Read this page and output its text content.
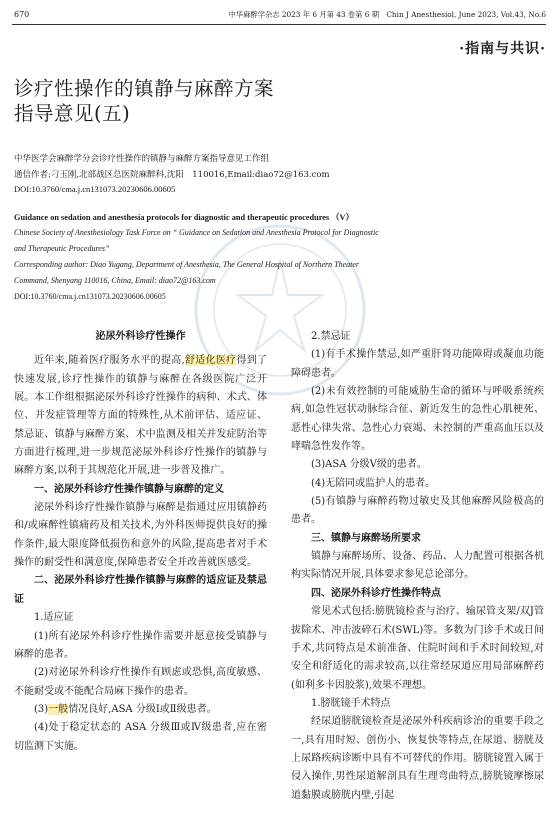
670	中华麻醉学杂志 2023 年 6 月第 43 卷第 6 期　Chin J Anesthesiol, June 2023, Vol.43, No.6
·指南与共识·
诊疗性操作的镇静与麻醉方案
指导意见(五)
中华医学会麻醉学分会诊疗性操作的镇静与麻醉方案指导意见工作组
通信作者:刁玉刚,北部战区总医院麻醉科,沈阳　110016,Email:diao72@163.com
DOI:10.3760/cma.j.cn131073.20230606.00605
Guidance on sedation and anesthesia protocols for diagnostic and therapeutic procedures （V）
Chinese Society of Anesthesiology Task Force on “ Guidance on Sedation and Anesthesia Protocol for Diagnostic
and Therapeutic Procedures”
Corresponding author: Diao Yugang, Department of Anesthesia, The General Hospital of Northern Theater
Command, Shenyang 110016, China, Email: diao72@163.com
DOI:10.3760/cma.j.cn131073.20230606.00605

泌尿外科诊疗性操作

近年来,随着医疗服务水平的提高,舒适化医疗得到了快速发展,诊疗性操作的镇静与麻醉在各级医院广泛开展。本工作组根据泌尿外科诊疗性操作的病种、术式、体位、并发症管理等方面的特殊性,从术前评估、适应证、禁忌证、镇静与麻醉方案、术中监测及相关并发症防治等方面进行梳理,进一步规范泌尿外科诊疗性操作的镇静与麻醉方案,以利于其规范化开展,进一步普及推广。

一、泌尿外科诊疗性操作镇静与麻醉的定义

泌尿外科诊疗性操作镇静与麻醉是指通过应用镇静药和/或麻醉性镇痛药及相关技术,为外科医师提供良好的操作条件,最大限度降低损伤和意外的风险,提高患者对手术操作的耐受性和满意度,保障患者安全并改善就医感受。

二、泌尿外科诊疗性操作镇静与麻醉的适应证及禁忌证

1.适应证

(1)所有泌尿外科诊疗性操作需要并愿意接受镇静与麻醉的患者。

(2)对泌尿外科诊疗性操作有顾虑或恐惧,高度敏感、不能耐受或不能配合局麻下操作的患者。

(3)一般情况良好,ASA 分级Ⅰ或Ⅱ级患者。

(4)处于稳定状态的 ASA 分级Ⅲ或Ⅳ级患者,应在密切监测下实施。

2.禁忌证

(1)有手术操作禁忌,如严重肝肾功能障碍或凝血功能障碍患者。

(2)未有效控制的可能威胁生命的循环与呼吸系统疾病,如急性冠状动脉综合征、新近发生的急性心肌梗死、恶性心律失常、急性心力衰竭、未控制的严重高血压以及哮喘急性发作等。

(3)ASA 分级Ⅴ级的患者。

(4)无陪同或监护人的患者。

(5)有镇静与麻醉药物过敏史及其他麻醉风险极高的患者。

三、镇静与麻醉场所要求

镇静与麻醉场所、设备、药品、人力配置可根据各机构实际情况开展,具体要求参见总论部分。

四、泌尿外科诊疗性操作特点

常见术式包括:膀胱镜检查与治疗、输尿管支架/双J管拔除术、冲击波碎石术(SWL)等。多数为门诊手术或日间手术,共同特点是术前准备、住院时间和手术时间较短,对安全和舒适化的需求较高,以往常经尿道应用局部麻醉药(如利多卡因胶浆),效果不理想。

1.膀胱镜手术特点

经尿道膀胱镜检查是泌尿外科疾病诊治的重要手段之一,具有用时短、创伤小、恢复快等特点,在尿道、膀胱及上尿路疾病诊断中具有不可替代的作用。膀胱镜置入属于侵入操作,男性尿道解剖具有生理弯曲特点,膀胱镜摩擦尿道黏膜或膀胱内壁,引起
